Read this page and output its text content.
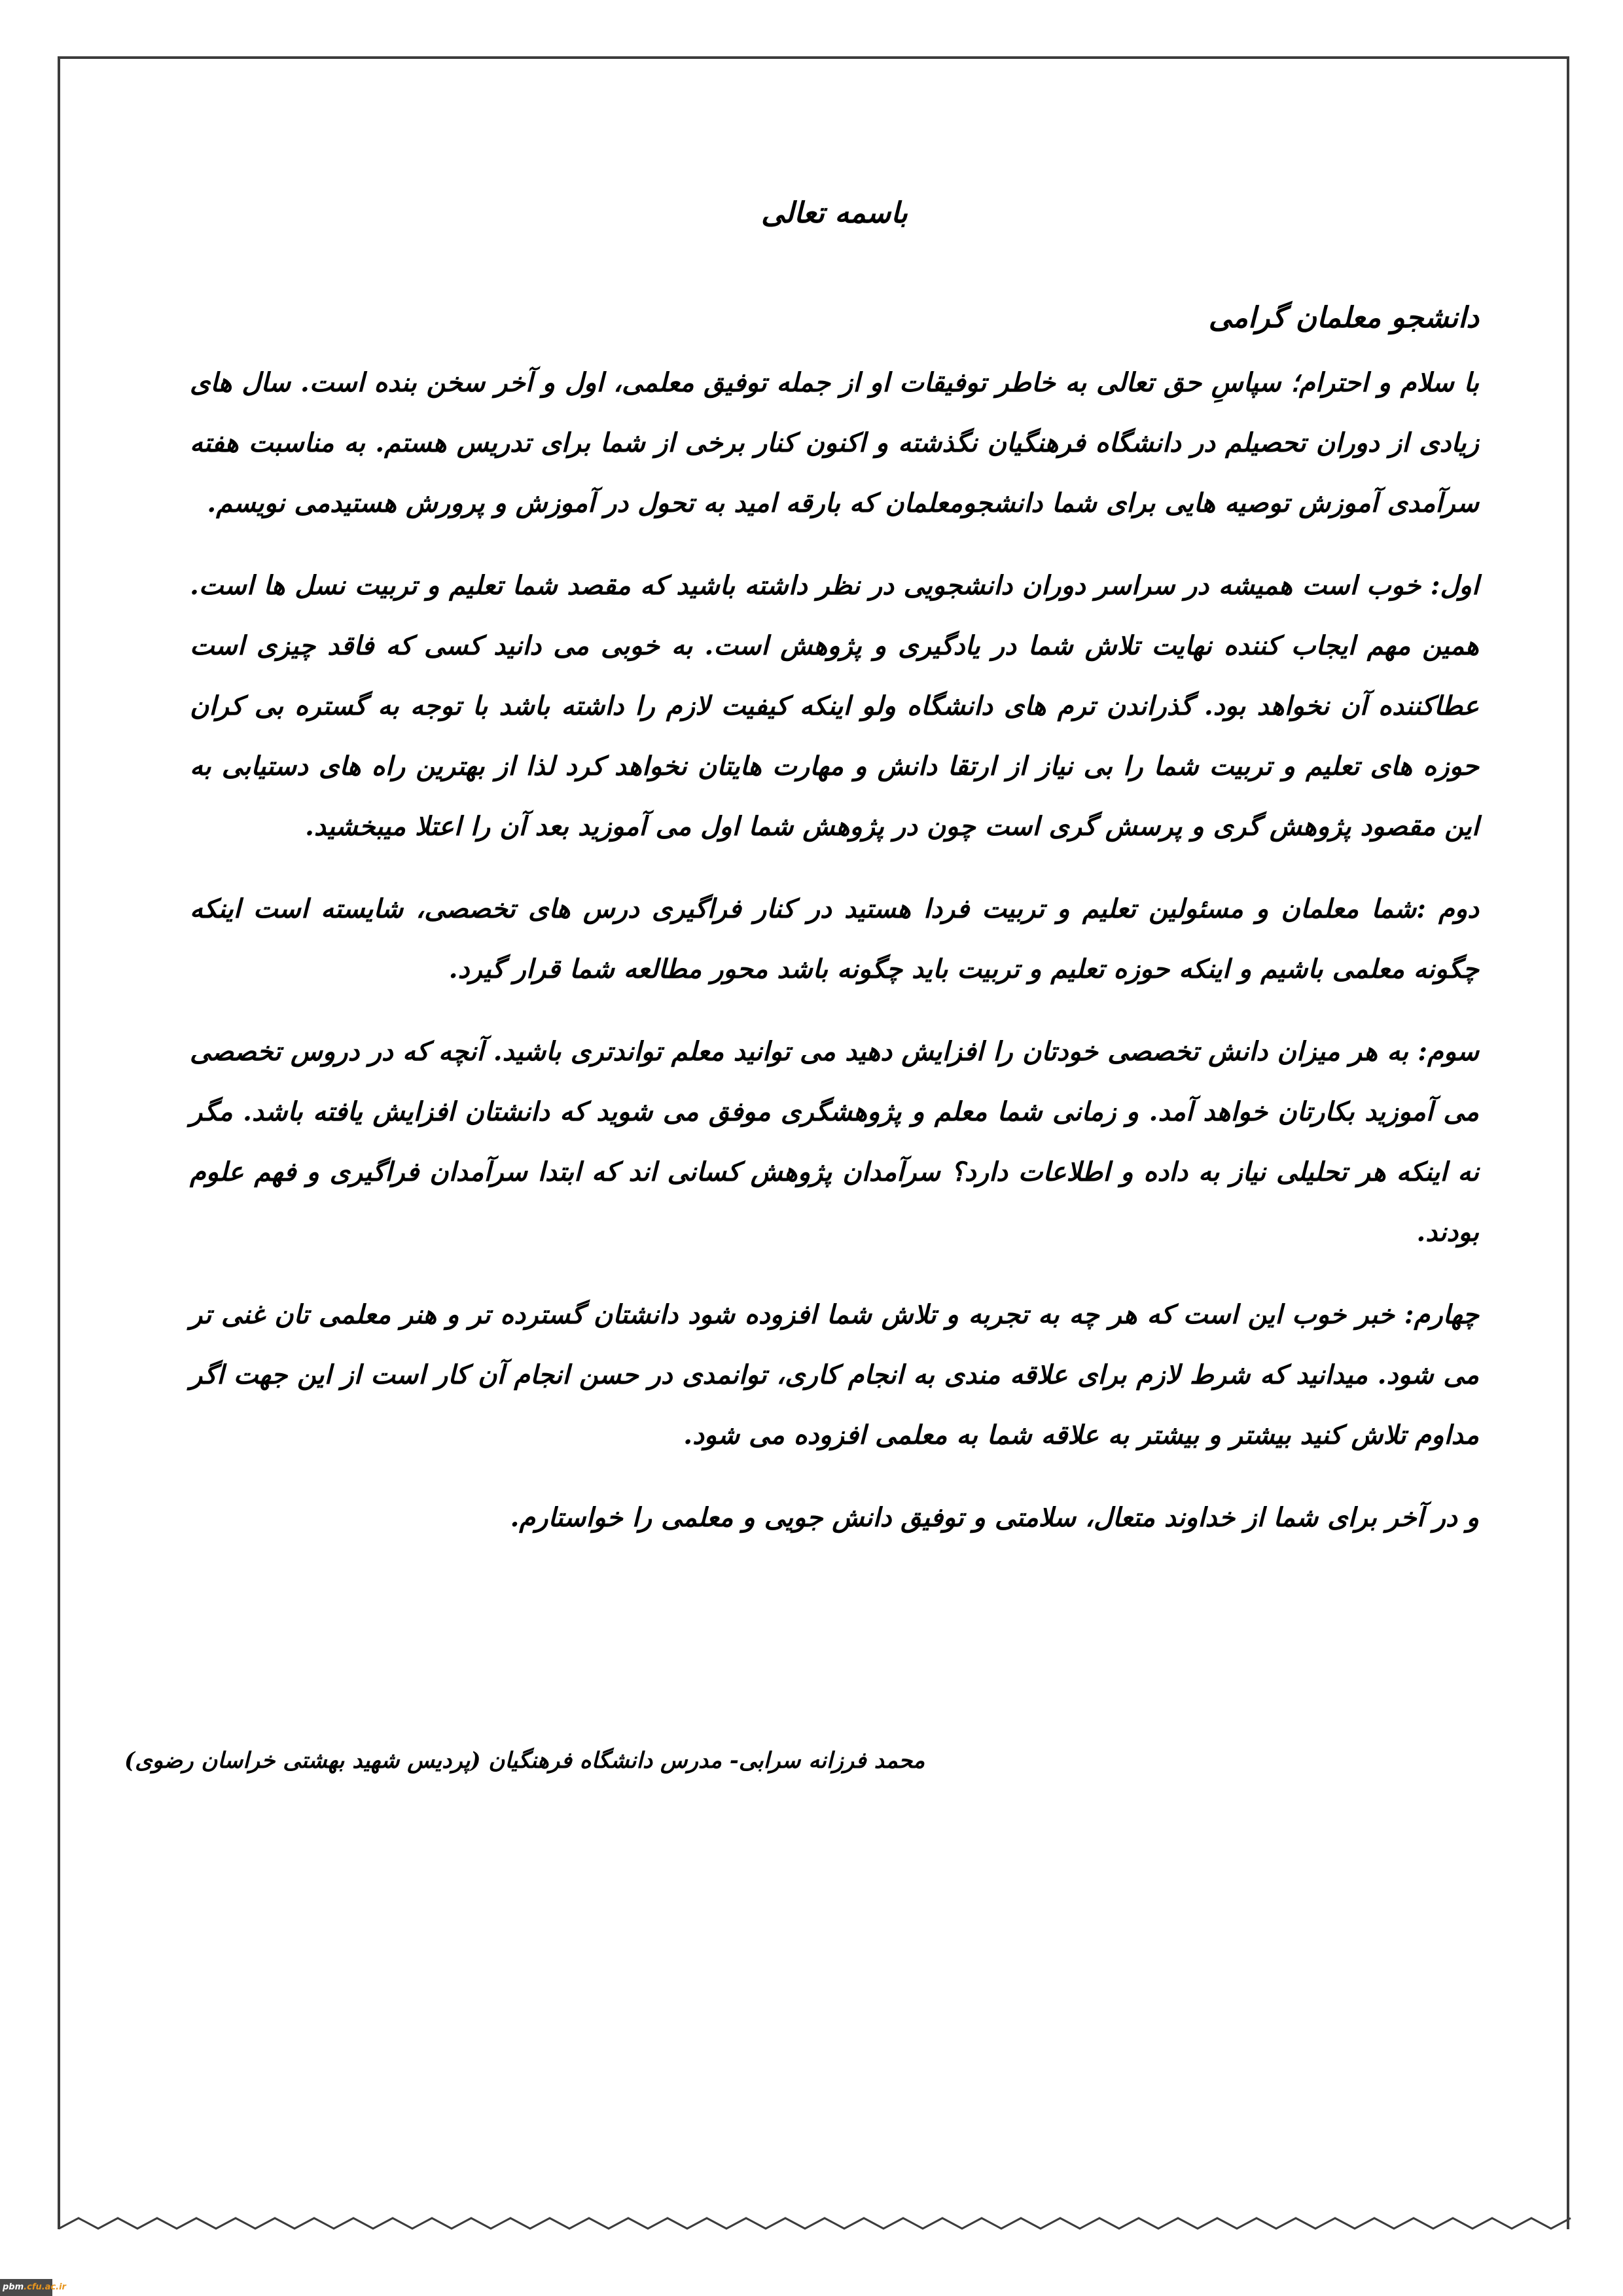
باسمه تعالی

دانشجو معلمان گرامی

با سلام و احترام؛ سپاسِ حق تعالی به خاطر توفیقات او از جمله توفیق معلمی، اول و آخر سخن بنده است. سال های زیادی از دوران تحصیلم در دانشگاه فرهنگیان نگذشته و اکنون کنار برخی از شما برای تدریس هستم. به مناسبت هفته سرآمدی آموزش توصیه هایی برای شما دانشجومعلمان که بارقه امید به تحول در آموزش و پرورش هستیدمی نویسم.

اول: خوب است همیشه در سراسر دوران دانشجویی در نظر داشته باشید که مقصد شما تعلیم و تربیت نسل ها است. همین مهم ایجاب کننده نهایت تلاش شما در یادگیری و پژوهش است. به خوبی می دانید کسی که فاقد چیزی است عطاکننده آن نخواهد بود. گذراندن ترم های دانشگاه ولو اینکه کیفیت لازم را داشته باشد با توجه به گستره بی کران حوزه های تعلیم و تربیت شما را بی نیاز از ارتقا دانش و مهارت هایتان نخواهد کرد لذا از بهترین راه های دستیابی به این مقصود پژوهش گری و پرسش گری است چون در پژوهش شما اول می آموزید بعد آن را اعتلا میبخشید.

دوم :شما معلمان و مسئولین تعلیم و تربیت فردا هستید در کنار فراگیری درس های تخصصی، شایسته است اینکه چگونه معلمی باشیم و اینکه حوزه تعلیم و تربیت باید چگونه باشد محور مطالعه شما قرار گیرد.

سوم: به هر میزان دانش تخصصی خودتان را افزایش دهید می توانید معلم تواندتری باشید. آنچه که در دروس تخصصی می آموزید بکارتان خواهد آمد. و زمانی شما معلم و پژوهشگری موفق می شوید که دانشتان افزایش یافته باشد. مگر نه اینکه هر تحلیلی نیاز به داده و اطلاعات دارد؟ سرآمدان پژوهش کسانی اند که ابتدا سرآمدان فراگیری و فهم علوم بودند.

چهارم: خبر خوب این است که هر چه به تجربه و تلاش شما افزوده شود دانشتان گسترده تر و هنر معلمی تان غنی تر می شود. میدانید که شرط لازم برای علاقه مندی به انجام کاری، توانمدی در حسن انجام آن کار است از این جهت اگر مداوم تلاش کنید بیشتر و بیشتر به علاقه شما به معلمی افزوده می شود.

و در آخر برای شما از خداوند متعال، سلامتی و توفیق دانش جویی و معلمی را خواستارم.

محمد فرزانه سرابی- مدرس دانشگاه فرهنگیان (پردیس شهید بهشتی خراسان رضوی)
pbm.cfu.ac.ir
